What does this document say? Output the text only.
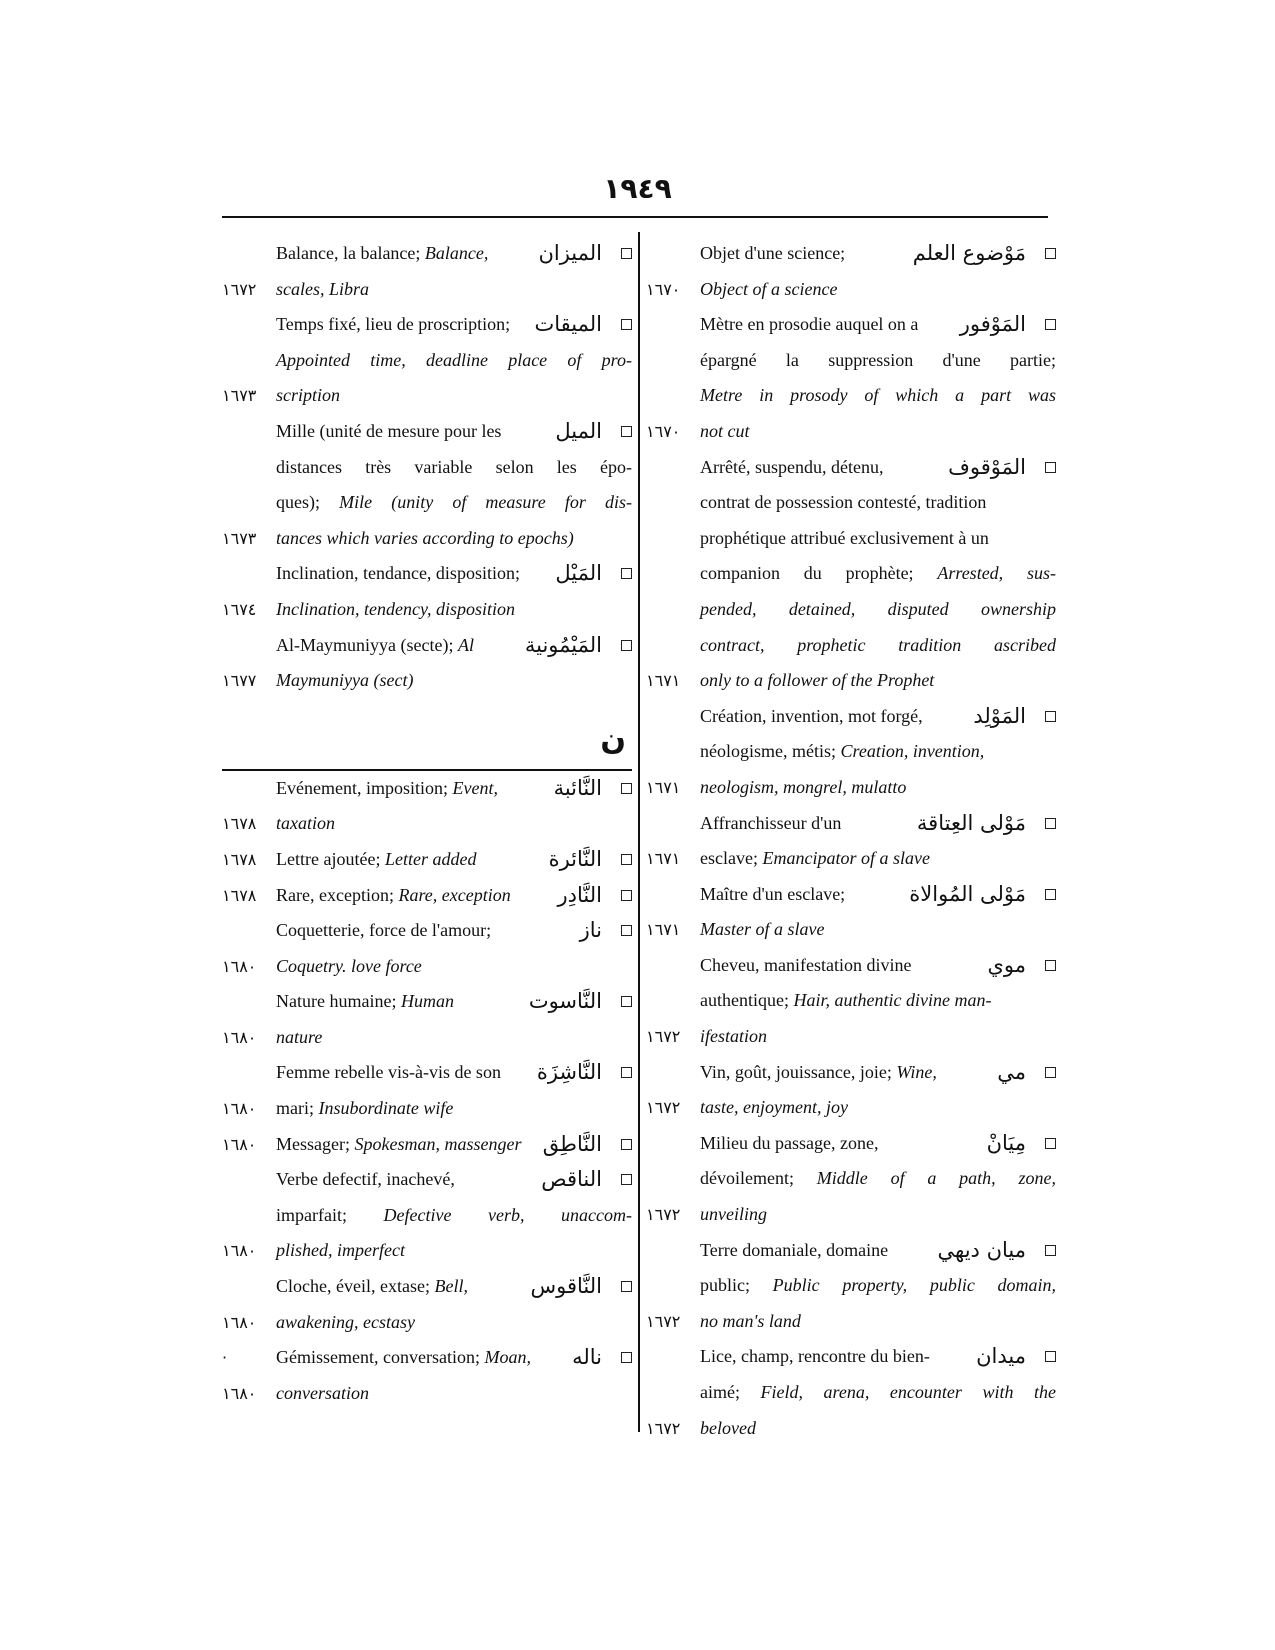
١٩٤٩
Balance, la balance; Balance,	الميزان
١٦٧٢	scales, Libra
Temps fixé, lieu de proscription;	الميقات
Appointed time, deadline place of pro-
١٦٧٣	scription
Mille (unité de mesure pour les	الميل
distances très variable selon les épo-
ques); Mile (unity of measure for dis-
١٦٧٣	tances which varies according to epochs)
Inclination, tendance, disposition;	المَيْل
١٦٧٤	Inclination, tendency, disposition
Al-Maymuniyya (secte); Al	المَيْمُونية
١٦٧٧	Maymuniyya (sect)
ن
Evénement, imposition; Event,	النَّائبة
١٦٧٨	taxation
١٦٧٨	Lettre ajoutée; Letter added	النَّائرة
١٦٧٨	Rare, exception; Rare, exception	النَّادِر
Coquetterie, force de l'amour;	ناز
١٦٨٠	Coquetry. love force
Nature humaine; Human	النَّاسوت
١٦٨٠	nature
Femme rebelle vis-à-vis de son	النَّاشِزَة
١٦٨٠	mari; Insubordinate wife
١٦٨٠	Messager; Spokesman, massenger	النَّاطِق
Verbe defectif, inachevé,	الناقص
imparfait; Defective verb, unaccom-
١٦٨٠	plished, imperfect
Cloche, éveil, extase; Bell,	النَّاقوس
١٦٨٠	awakening, ecstasy
·	Gémissement, conversation; Moan,	ناله
١٦٨٠	conversation
Objet d'une science;	مَوْضوع العلم
١٦٧٠	Object of a science
Mètre en prosodie auquel on a	المَوْفور
épargné la suppression d'une partie;
Metre in prosody of which a part was
١٦٧٠	not cut
Arrêté, suspendu, détenu,	المَوْقوف
contrat de possession contesté, tradition
prophétique attribué exclusivement à un
companion du prophète; Arrested, sus-
pended, detained, disputed ownership
contract, prophetic tradition ascribed
١٦٧١	only to a follower of the Prophet
Création, invention, mot forgé,	المَوْلِد
néologisme, métis; Creation, invention,
١٦٧١	neologism, mongrel, mulatto
Affranchisseur d'un	مَوْلى العِتاقة
١٦٧١	esclave; Emancipator of a slave
Maître d'un esclave;	مَوْلى المُوالاة
١٦٧١	Master of a slave
Cheveu, manifestation divine	موي
authentique; Hair, authentic divine man-
١٦٧٢	ifestation
Vin, goût, jouissance, joie; Wine,	مي
١٦٧٢	taste, enjoyment, joy
Milieu du passage, zone,	مِيَانْ
dévoilement; Middle of a path, zone,
١٦٧٢	unveiling
Terre domaniale, domaine	ميان ديهي
public; Public property, public domain,
١٦٧٢	no man's land
Lice, champ, rencontre du bien-	ميدان
aimé; Field, arena, encounter with the
١٦٧٢	beloved
